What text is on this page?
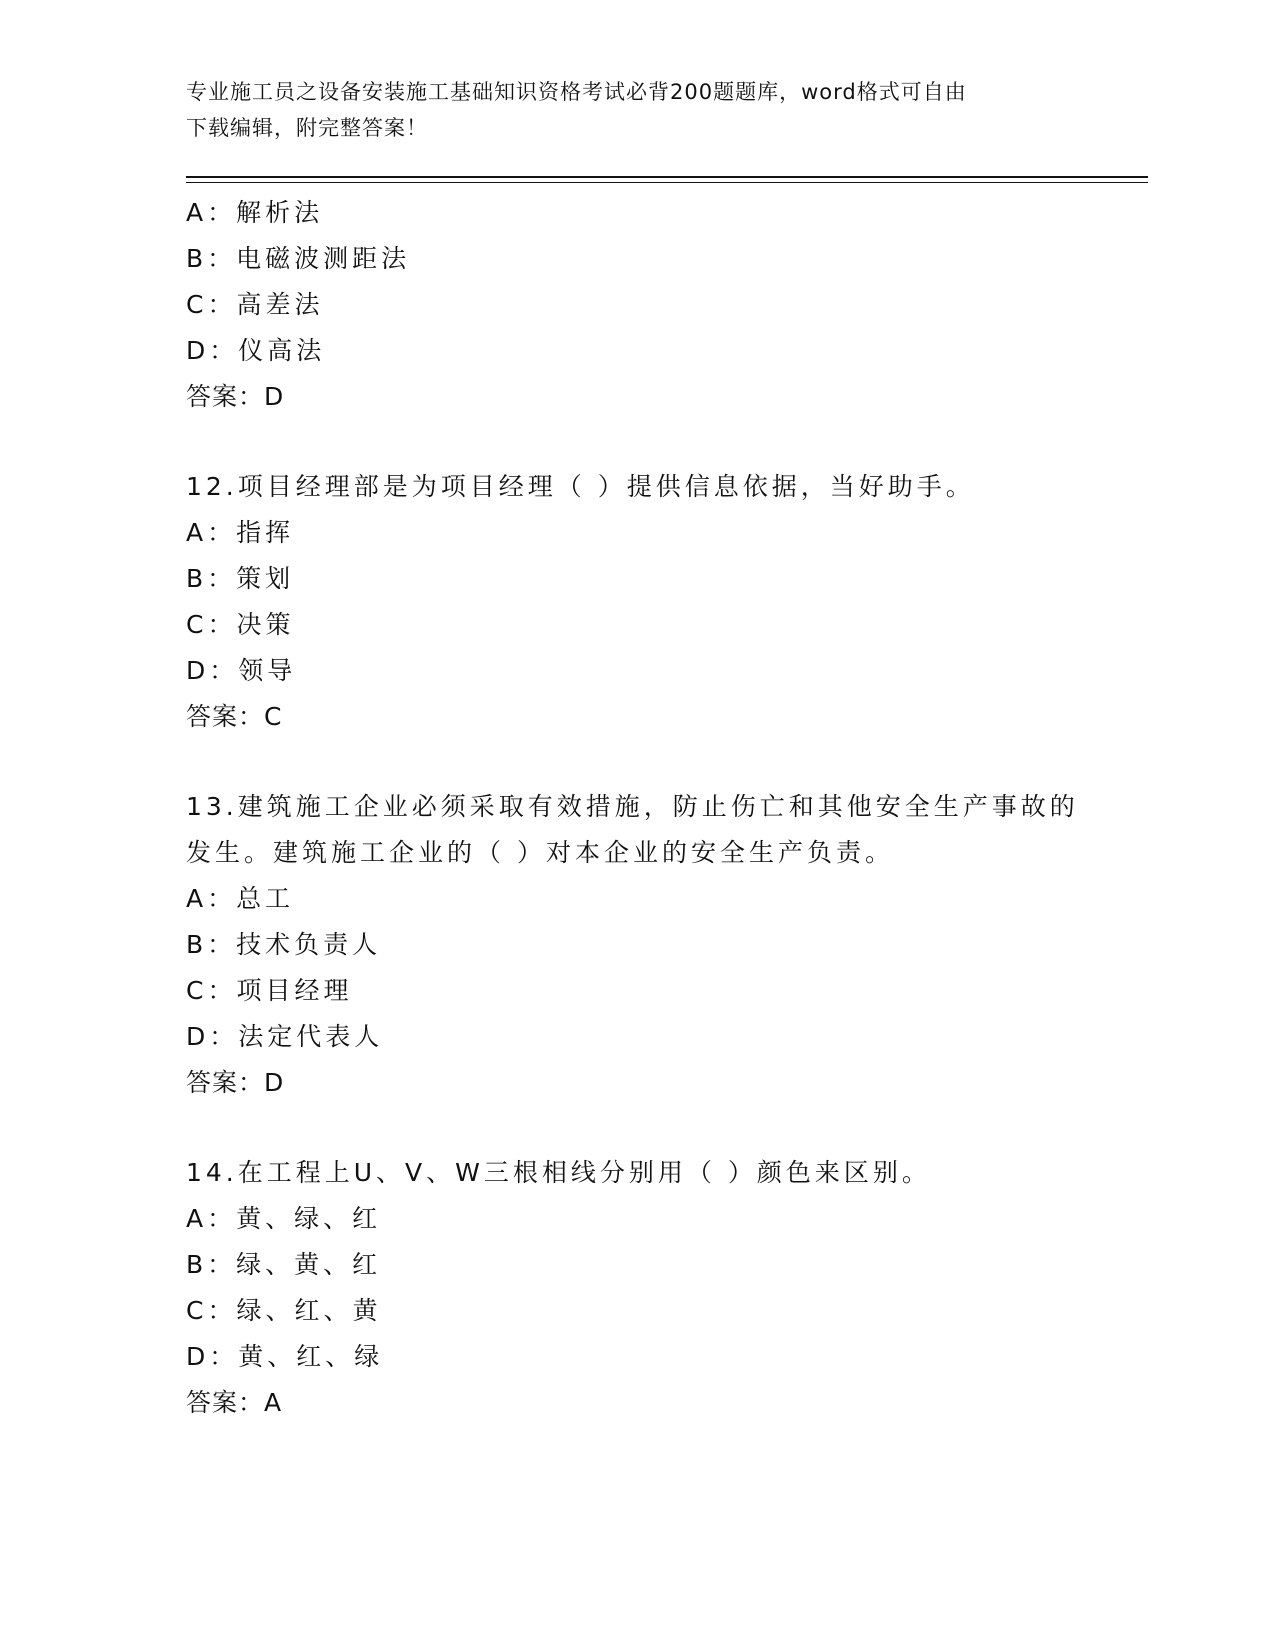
专业施工员之设备安装施工基础知识资格考试必背200题题库，word格式可自由
下载编辑，附完整答案！
A：解析法
B：电磁波测距法
C：高差法
D：仪高法
答案：D
12.项目经理部是为项目经理（ ）提供信息依据，当好助手。
A：指挥
B：策划
C：决策
D：领导
答案：C
13.建筑施工企业必须采取有效措施，防止伤亡和其他安全生产事故的
发生。建筑施工企业的（ ）对本企业的安全生产负责。
A：总工
B：技术负责人
C：项目经理
D：法定代表人
答案：D
14.在工程上U、V、W三根相线分别用（ ）颜色来区别。
A：黄、绿、红
B：绿、黄、红
C：绿、红、黄
D：黄、红、绿
答案：A
